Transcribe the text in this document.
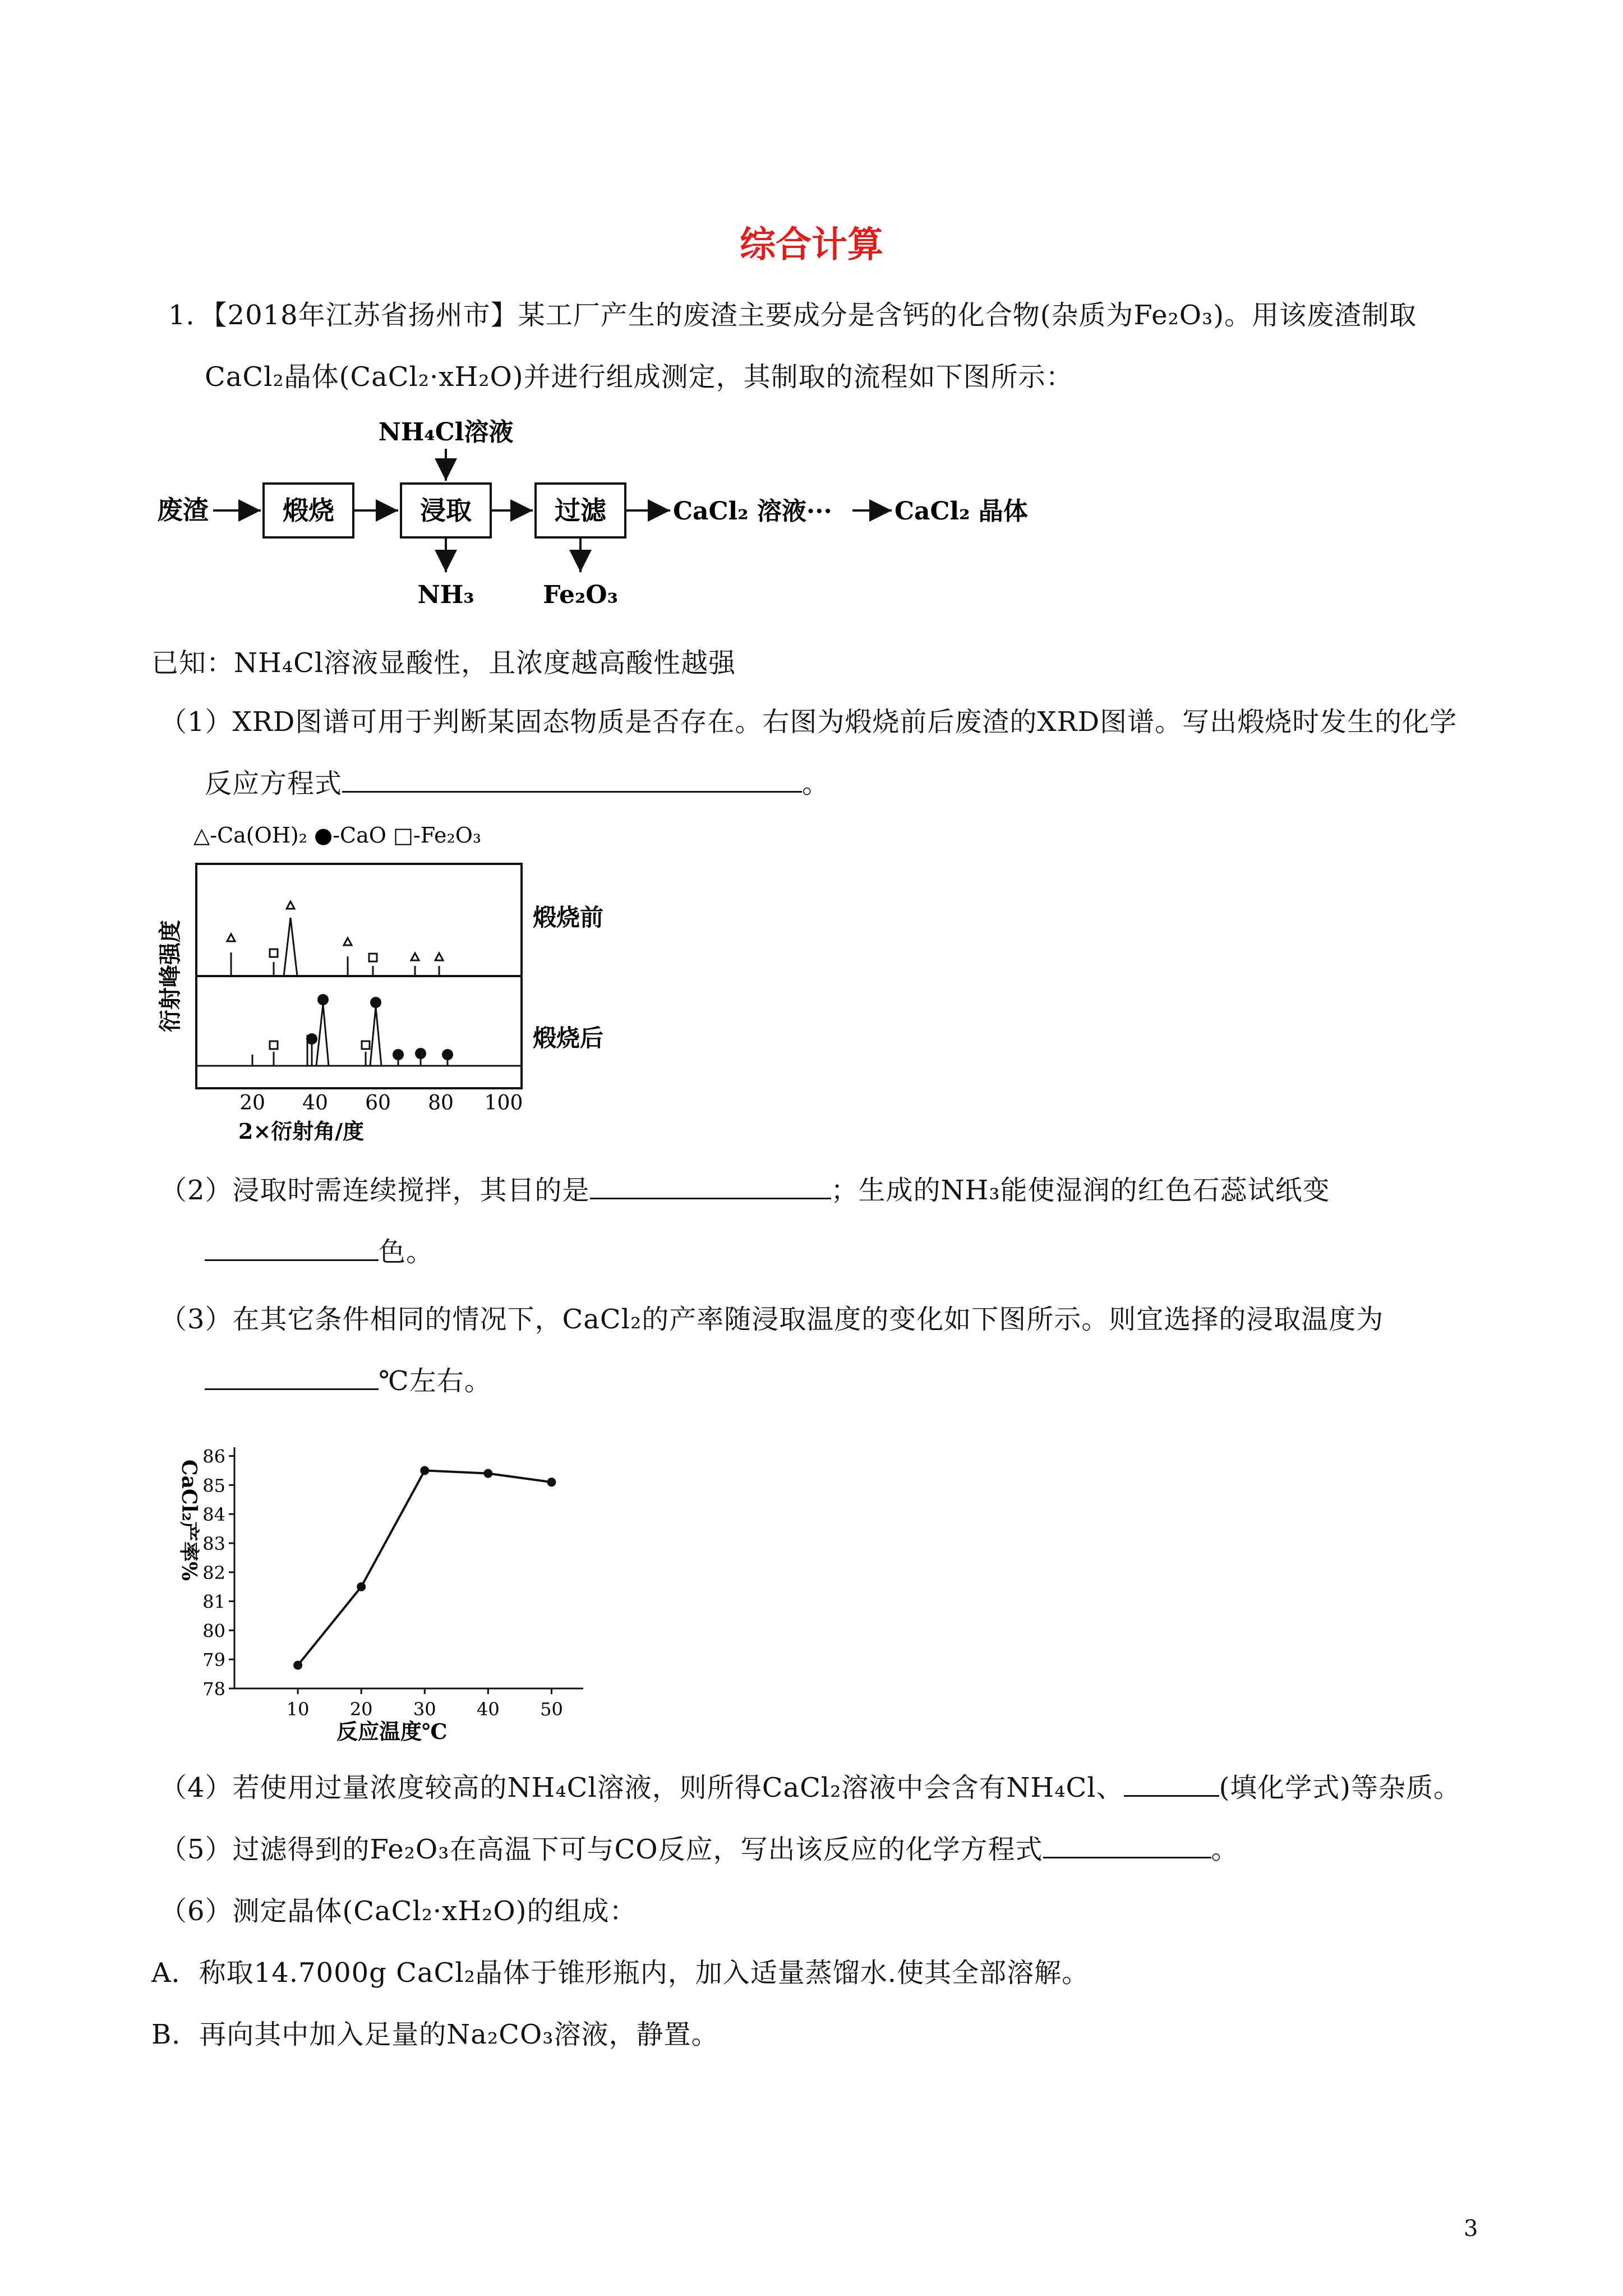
综合计算
1．【2018年江苏省扬州市】某工厂产生的废渣主要成分是含钙的化合物(杂质为Fe₂O₃)。用该废渣制取
CaCl₂晶体(CaCl₂·xH₂O)并进行组成测定，其制取的流程如下图所示：
废渣	煅烧	浸取
NH₄Cl溶液
NH₃
过滤
Fe₂O₃
CaCl₂ 溶液···	CaCl₂ 晶体
已知：NH₄Cl溶液显酸性，且浓度越高酸性越强
（1）XRD图谱可用于判断某固态物质是否存在。右图为煅烧前后废渣的XRD图谱。写出煅烧时发生的化学
反应方程式	。
△-Ca(OH)₂ ●-CaO □-Fe₂O₃
衍射峰强度
煅烧前
煅烧后
20 40 60 80 100
2×衍射角/度
（2）浸取时需连续搅拌，其目的是	；生成的NH₃能使湿润的红色石蕊试纸变
色。
（3）在其它条件相同的情况下，CaCl₂的产率随浸取温度的变化如下图所示。则宜选择的浸取温度为
℃左右。
CaCl₂产率%
78
79
80
81
82
83
84
85
86
10 20 30 40 50
反应温度℃
（4）若使用过量浓度较高的NH₄Cl溶液，则所得CaCl₂溶液中会含有NH₄Cl、	(填化学式)等杂质。
（5）过滤得到的Fe₂O₃在高温下可与CO反应，写出该反应的化学方程式	。
（6）测定晶体(CaCl₂·xH₂O)的组成：
A．称取14.7000g CaCl₂晶体于锥形瓶内，加入适量蒸馏水.使其全部溶解。
B．再向其中加入足量的Na₂CO₃溶液，静置。
3
